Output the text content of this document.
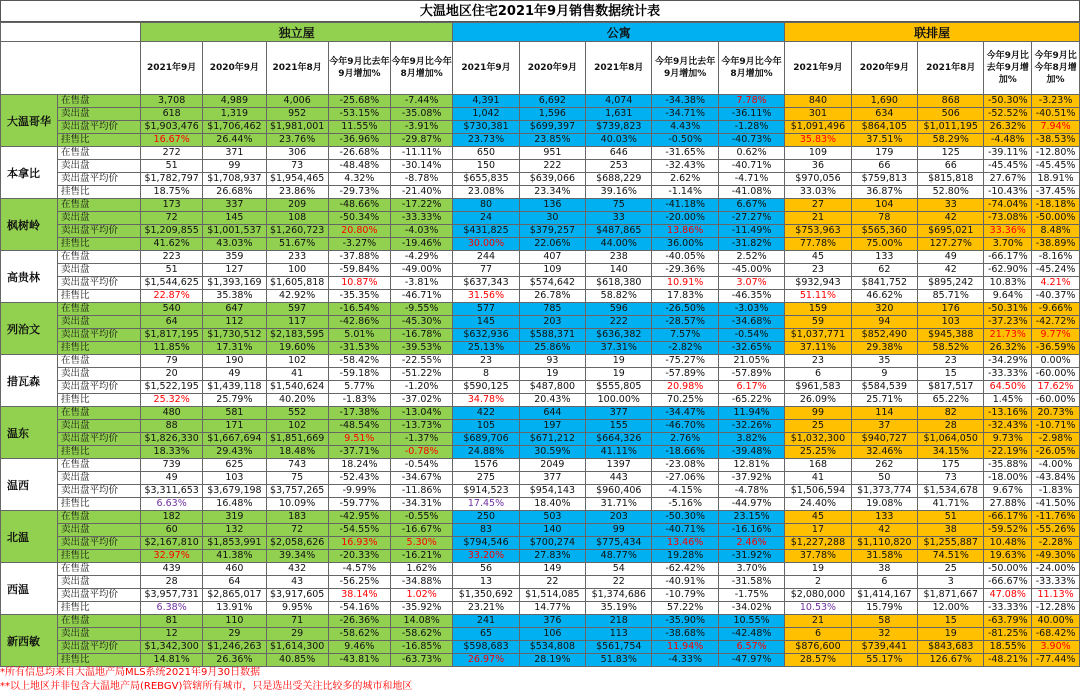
大温地区住宅2021年9月销售数据统计表
		独立屋					公寓					联排屋				
		2021年9月	2020年9月	2021年8月	今年9月比去年9月增加%	今年9月比今年8月增加%	2021年9月	2020年9月	2021年8月	今年9月比去年9月增加%	今年9月比今年8月增加%	2021年9月	2020年9月	2021年8月	今年9月比去年9月增加%	今年9月比今年8月增加%
大温哥华	在售盘	3,708	4,989	4,006	-25.68%	-7.44%	4,391	6,692	4,074	-34.38%	7.78%	840	1,690	868	-50.30%	-3.23%
	卖出盘	618	1,319	952	-53.15%	-35.08%	1,042	1,596	1,631	-34.71%	-36.11%	301	634	506	-52.52%	-40.51%
	卖出盘平均价	$1,903,476	$1,706,462	$1,981,001	11.55%	-3.91%	$730,381	$699,397	$739,823	4.43%	-1.28%	$1,091,496	$864,105	$1,011,195	26.32%	7.94%
	挂售比	16.67%	26.44%	23.76%	-36.96%	-29.87%	23.73%	23.85%	40.03%	-0.50%	-40.73%	35.83%	37.51%	58.29%	-4.48%	-38.53%
本拿比	在售盘	272	371	306	-26.68%	-11.11%	650	951	646	-31.65%	0.62%	109	179	125	-39.11%	-12.80%
	卖出盘	51	99	73	-48.48%	-30.14%	150	222	253	-32.43%	-40.71%	36	66	66	-45.45%	-45.45%
	卖出盘平均价	$1,782,797	$1,708,937	$1,954,465	4.32%	-8.78%	$655,835	$639,066	$688,229	2.62%	-4.71%	$970,056	$759,813	$815,818	27.67%	18.91%
	挂售比	18.75%	26.68%	23.86%	-29.73%	-21.40%	23.08%	23.34%	39.16%	-1.14%	-41.08%	33.03%	36.87%	52.80%	-10.43%	-37.45%
枫树岭	在售盘	173	337	209	-48.66%	-17.22%	80	136	75	-41.18%	6.67%	27	104	33	-74.04%	-18.18%
	卖出盘	72	145	108	-50.34%	-33.33%	24	30	33	-20.00%	-27.27%	21	78	42	-73.08%	-50.00%
	卖出盘平均价	$1,209,855	$1,001,537	$1,260,723	20.80%	-4.03%	$431,825	$379,257	$487,865	13.86%	-11.49%	$753,963	$565,360	$695,021	33.36%	8.48%
	挂售比	41.62%	43.03%	51.67%	-3.27%	-19.46%	30.00%	22.06%	44.00%	36.00%	-31.82%	77.78%	75.00%	127.27%	3.70%	-38.89%
高贵林	在售盘	223	359	233	-37.88%	-4.29%	244	407	238	-40.05%	2.52%	45	133	49	-66.17%	-8.16%
	卖出盘	51	127	100	-59.84%	-49.00%	77	109	140	-29.36%	-45.00%	23	62	42	-62.90%	-45.24%
	卖出盘平均价	$1,544,625	$1,393,169	$1,605,818	10.87%	-3.81%	$637,343	$574,642	$618,380	10.91%	3.07%	$932,943	$841,752	$895,242	10.83%	4.21%
	挂售比	22.87%	35.38%	42.92%	-35.35%	-46.71%	31.56%	26.78%	58.82%	17.83%	-46.35%	51.11%	46.62%	85.71%	9.64%	-40.37%
列治文	在售盘	540	647	597	-16.54%	-9.55%	577	785	596	-26.50%	-3.03%	159	320	176	-50.31%	-9.66%
	卖出盘	64	112	117	-42.86%	-45.30%	145	203	222	-28.57%	-34.68%	59	94	103	-37.23%	-42.72%
	卖出盘平均价	$1,817,195	$1,730,512	$2,183,595	5.01%	-16.78%	$632,936	$588,371	$636,382	7.57%	-0.54%	$1,037,771	$852,490	$945,388	21.73%	9.77%
	挂售比	11.85%	17.31%	19.60%	-31.53%	-39.53%	25.13%	25.86%	37.31%	-2.82%	-32.65%	37.11%	29.38%	58.52%	26.32%	-36.59%
措瓦森	在售盘	79	190	102	-58.42%	-22.55%	23	93	19	-75.27%	21.05%	23	35	23	-34.29%	0.00%
	卖出盘	20	49	41	-59.18%	-51.22%	8	19	19	-57.89%	-57.89%	6	9	15	-33.33%	-60.00%
	卖出盘平均价	$1,522,195	$1,439,118	$1,540,624	5.77%	-1.20%	$590,125	$487,800	$555,805	20.98%	6.17%	$961,583	$584,539	$817,517	64.50%	17.62%
	挂售比	25.32%	25.79%	40.20%	-1.83%	-37.02%	34.78%	20.43%	100.00%	70.25%	-65.22%	26.09%	25.71%	65.22%	1.45%	-60.00%
温东	在售盘	480	581	552	-17.38%	-13.04%	422	644	377	-34.47%	11.94%	99	114	82	-13.16%	20.73%
	卖出盘	88	171	102	-48.54%	-13.73%	105	197	155	-46.70%	-32.26%	25	37	28	-32.43%	-10.71%
	卖出盘平均价	$1,826,330	$1,667,694	$1,851,669	9.51%	-1.37%	$689,706	$671,212	$664,326	2.76%	3.82%	$1,032,300	$940,727	$1,064,050	9.73%	-2.98%
	挂售比	18.33%	29.43%	18.48%	-37.71%	-0.78%	24.88%	30.59%	41.11%	-18.66%	-39.48%	25.25%	32.46%	34.15%	-22.19%	-26.05%
温西	在售盘	739	625	743	18.24%	-0.54%	1576	2049	1397	-23.08%	12.81%	168	262	175	-35.88%	-4.00%
	卖出盘	49	103	75	-52.43%	-34.67%	275	377	443	-27.06%	-37.92%	41	50	73	-18.00%	-43.84%
	卖出盘平均价	$3,311,653	$3,679,198	$3,757,265	-9.99%	-11.86%	$914,523	$954,143	$960,406	-4.15%	-4.78%	$1,506,594	$1,373,774	$1,534,678	9.67%	-1.83%
	挂售比	6.63%	16.48%	10.09%	-59.77%	-34.31%	17.45%	18.40%	31.71%	-5.16%	-44.97%	24.40%	19.08%	41.71%	27.88%	-41.50%
北温	在售盘	182	319	183	-42.95%	-0.55%	250	503	203	-50.30%	23.15%	45	133	51	-66.17%	-11.76%
	卖出盘	60	132	72	-54.55%	-16.67%	83	140	99	-40.71%	-16.16%	17	42	38	-59.52%	-55.26%
	卖出盘平均价	$2,167,810	$1,853,991	$2,058,626	16.93%	5.30%	$794,546	$700,274	$775,434	13.46%	2.46%	$1,227,288	$1,110,820	$1,255,887	10.48%	-2.28%
	挂售比	32.97%	41.38%	39.34%	-20.33%	-16.21%	33.20%	27.83%	48.77%	19.28%	-31.92%	37.78%	31.58%	74.51%	19.63%	-49.30%
西温	在售盘	439	460	432	-4.57%	1.62%	56	149	54	-62.42%	3.70%	19	38	25	-50.00%	-24.00%
	卖出盘	28	64	43	-56.25%	-34.88%	13	22	22	-40.91%	-31.58%	2	6	3	-66.67%	-33.33%
	卖出盘平均价	$3,957,731	$2,865,017	$3,917,605	38.14%	1.02%	$1,350,692	$1,514,085	$1,374,686	-10.79%	-1.75%	$2,080,000	$1,414,167	$1,871,667	47.08%	11.13%
	挂售比	6.38%	13.91%	9.95%	-54.16%	-35.92%	23.21%	14.77%	35.19%	57.22%	-34.02%	10.53%	15.79%	12.00%	-33.33%	-12.28%
新西敏	在售盘	81	110	71	-26.36%	14.08%	241	376	218	-35.90%	10.55%	21	58	15	-63.79%	40.00%
	卖出盘	12	29	29	-58.62%	-58.62%	65	106	113	-38.68%	-42.48%	6	32	19	-81.25%	-68.42%
	卖出盘平均价	$1,342,300	$1,246,263	$1,614,300	9.46%	-16.85%	$598,683	$534,808	$561,754	11.94%	6.57%	$876,600	$739,441	$843,683	18.55%	3.90%
	挂售比	14.81%	26.36%	40.85%	-43.81%	-63.73%	26.97%	28.19%	51.83%	-4.33%	-47.97%	28.57%	55.17%	126.67%	-48.21%	-77.44%
*所有信息均来自大温地产局MLS系统2021年9月30日数据
**以上地区并非包含大温地产局(REBGV)管辖所有城市，只是选出受关注比较多的城市和地区
